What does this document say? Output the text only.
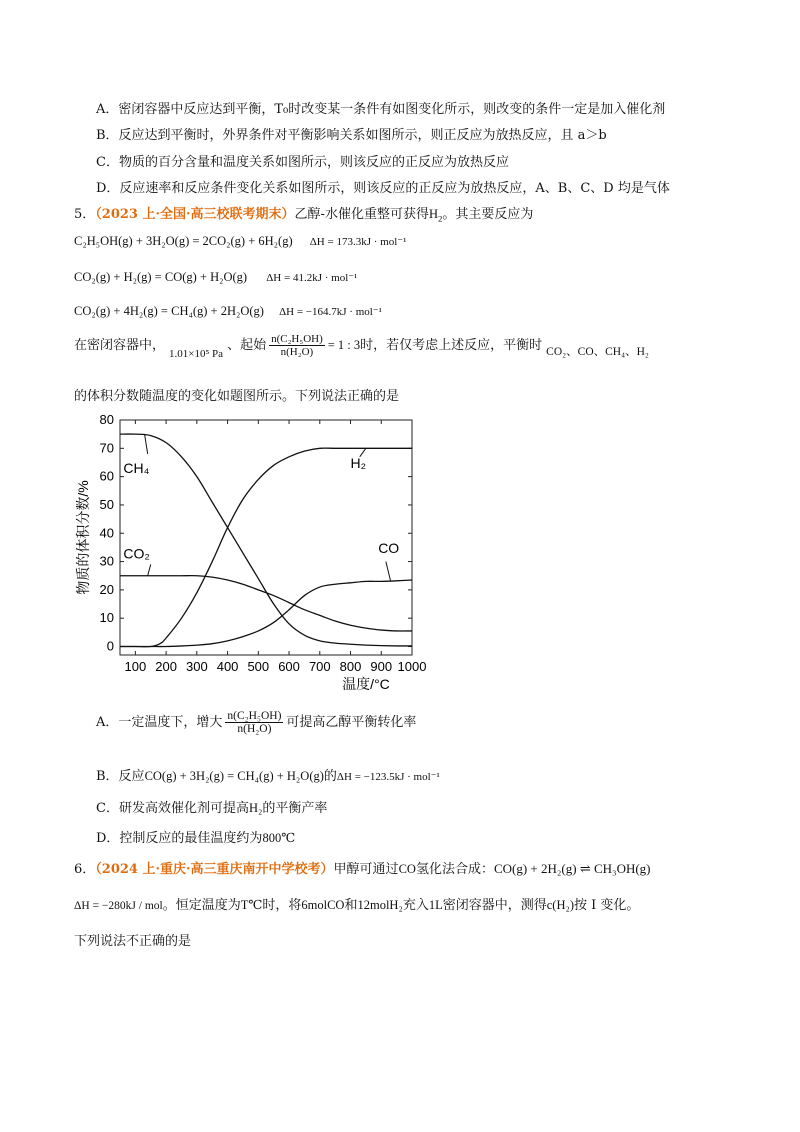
A．密闭容器中反应达到平衡，T₀时改变某一条件有如图变化所示，则改变的条件一定是加入催化剂
B．反应达到平衡时，外界条件对平衡影响关系如图所示，则正反应为放热反应，且 a＞b
C．物质的百分含量和温度关系如图所示，则该反应的正反应为放热反应
D．反应速率和反应条件变化关系如图所示，则该反应的正反应为放热反应，A、B、C、D 均是气体
5．（2023 上·全国·高三校联考期末）乙醇-水催化重整可获得$H_2$。其主要反应为
C₂H₅OH(g) + 3H₂O(g) = 2CO₂(g) + 6H₂(g) ΔH = 173.3kJ · mol⁻¹
CO₂(g) + H₂(g) = CO(g) + H₂O(g) ΔH = 41.2kJ · mol⁻¹
CO₂(g) + 4H₂(g) = CH₄(g) + 2H₂O(g) ΔH = −164.7kJ · mol⁻¹
在密闭容器中，$_{1.01\times 10^5 Pa}$、起始 $\frac{\text{n(C₂H₅OH)}}{\text{n(H₂O)}} = 1$ : 3时，若仅考虑上述反应，平衡时 CO₂、CO、CH₄、H₂
的体积分数随温度的变化如题图所示。下列说法正确的是
100 200 300 400 500 600 700 800 900 1000
0
10
20
30
40
50
60
70
80
温度/°C
物质的体积分数/%
CH₄	H₂
CO₂	CO
A．一定温度下，增大 $\frac{\text{n(C₂H₅OH)}}{\text{n(H₂O)}}$ 可提高乙醇平衡转化率
B．反应CO(g) + 3H₂(g) = CH₄(g) + H₂O(g)的ΔH = −123.5kJ · mol⁻¹
C．研发高效催化剂可提高H₂的平衡产率
D．控制反应的最佳温度约为800℃
6．（2024 上·重庆·高三重庆南开中学校考）甲醇可通过CO氢化法合成：CO(g) + 2H₂(g) ⇌ CH₃OH(g)
ΔH = −280kJ / mol。恒定温度为T℃时，将6molCO和12molH₂充入1L密闭容器中，测得c(H₂)按 I 变化。
下列说法不正确的是
